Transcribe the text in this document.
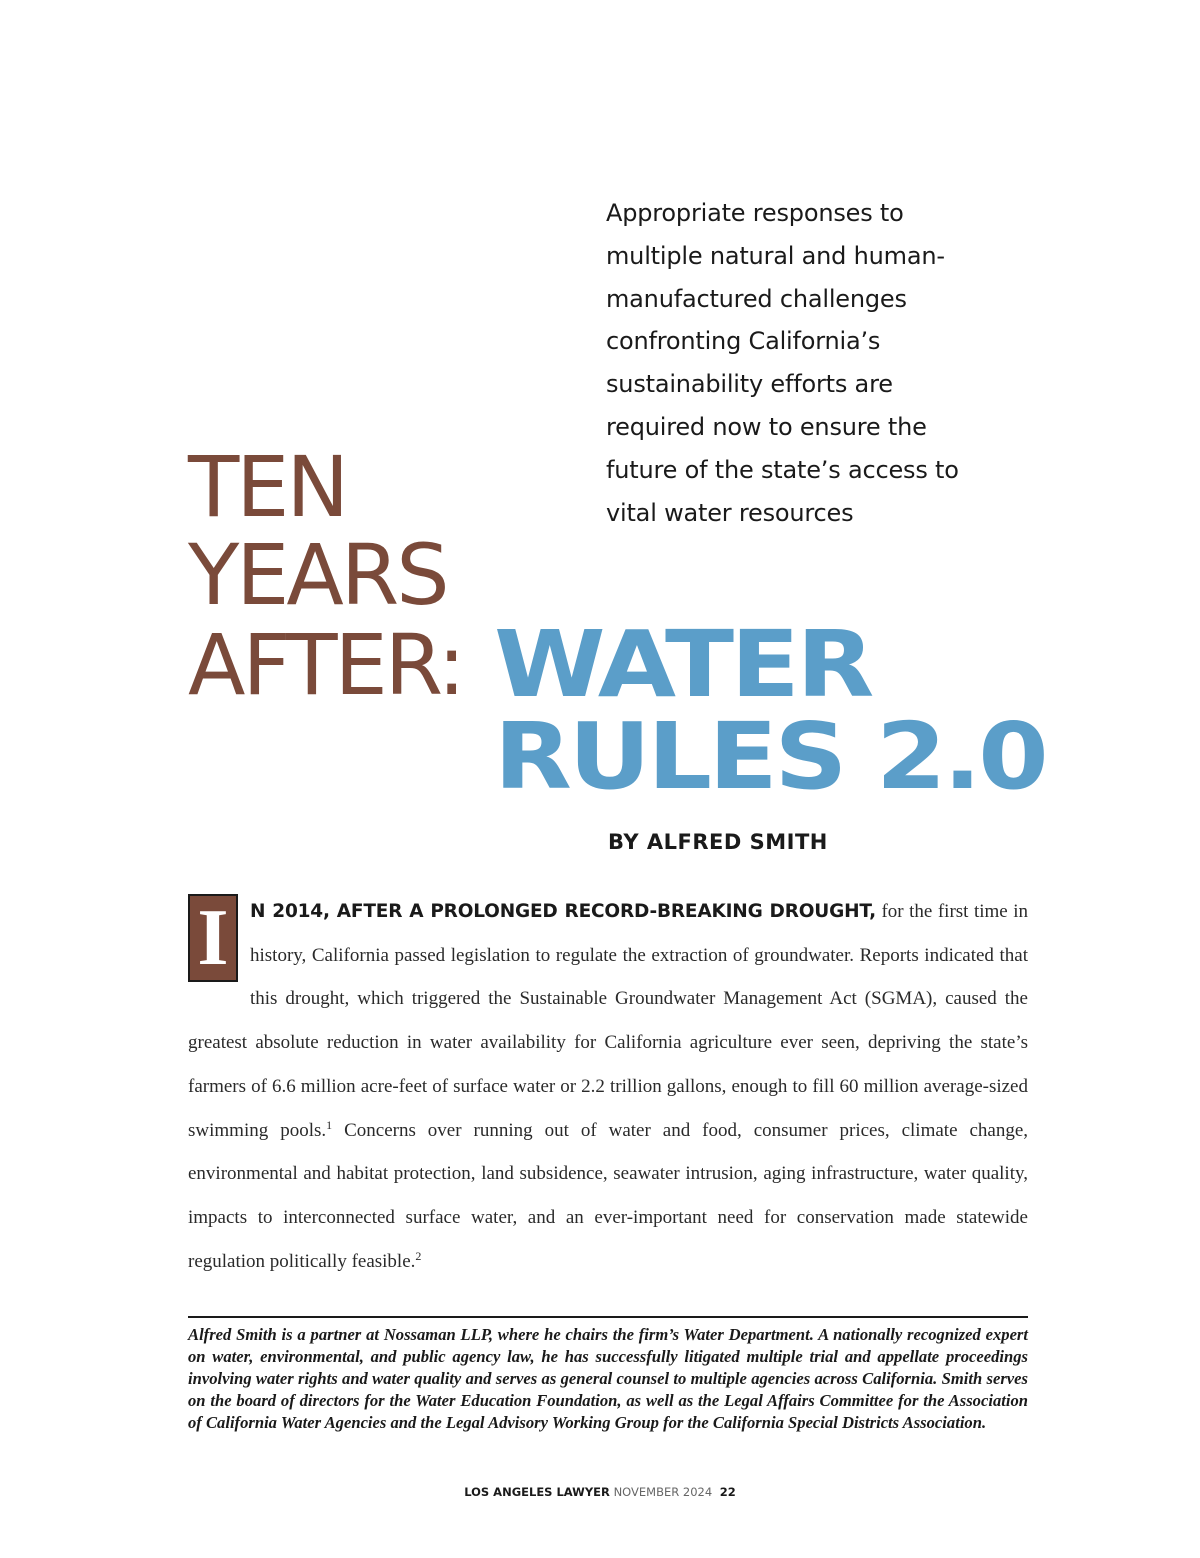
Appropriate responses to multiple natural and human-manufactured challenges confronting California’s sustainability efforts are required now to ensure the future of the state’s access to vital water resources

TEN
YEARS
AFTER: WATER
RULES 2.0

BY ALFRED SMITH

I	N 2014, AFTER A PROLONGED RECORD-BREAKING DROUGHT, for the first time in history, California passed legislation to regulate the extraction of groundwater. Reports indicated that this drought, which triggered the Sustainable Groundwater Management Act (SGMA), caused the greatest absolute reduction in water availability for California agriculture ever seen, depriving the state’s farmers of 6.6 million acre-feet of surface water or 2.2 trillion gallons, enough to fill 60 million average-sized swimming pools.$^1$ Concerns over running out of water and food, consumer prices, climate change, environmental and habitat protection, land subsidence, seawater intrusion, aging infrastructure, water quality, impacts to interconnected surface water, and an ever-important need for conservation made statewide regulation politically feasible.$^2$

Alfred Smith is a partner at Nossaman LLP, where he chairs the firm’s Water Department. A nationally recognized expert on water, environmental, and public agency law, he has successfully litigated multiple trial and appellate proceedings involving water rights and water quality and serves as general counsel to multiple agencies across California. Smith serves on the board of directors for the Water Education Foundation, as well as the Legal Affairs Committee for the Association of California Water Agencies and the Legal Advisory Working Group for the California Special Districts Association.

LOS ANGELES LAWYER NOVEMBER 2024 22
